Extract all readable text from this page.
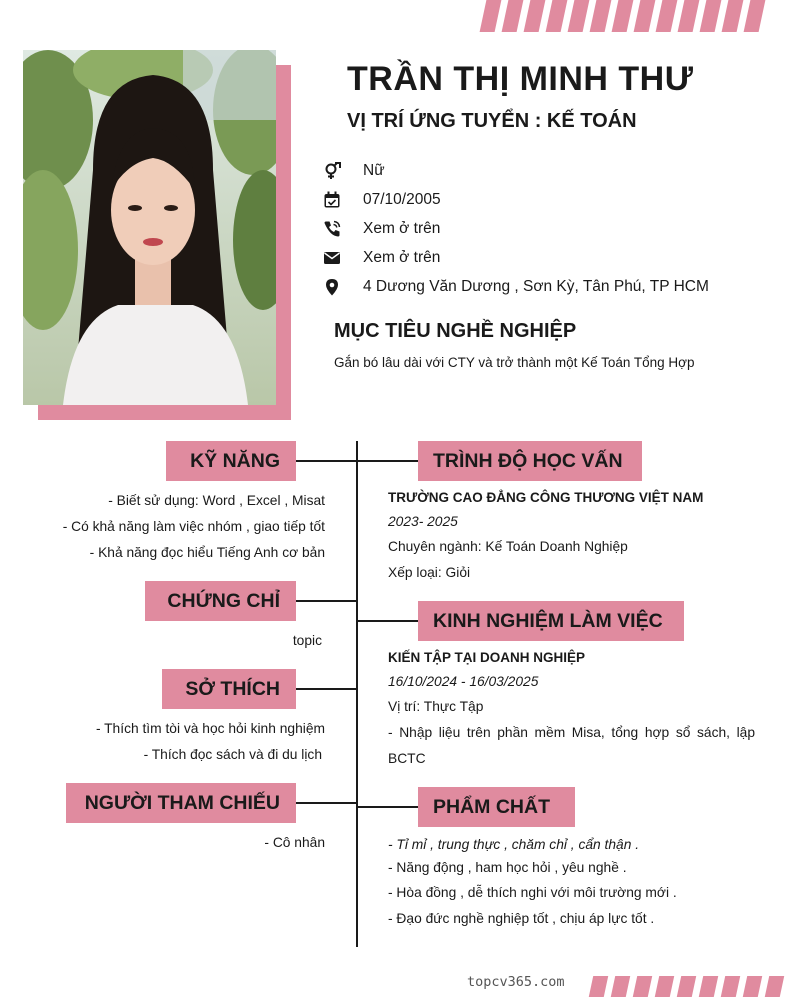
TRẦN THỊ MINH THƯ
VỊ TRÍ ỨNG TUYỂN : KẾ TOÁN
Nữ
07/10/2005
Xem ở trên
Xem ở trên
4 Dương Văn Dương , Sơn Kỳ, Tân Phú, TP HCM
MỤC TIÊU NGHỀ NGHIỆP
Gắn bó lâu dài với CTY và trở thành một Kế Toán Tổng Hợp
KỸ NĂNG
- Biết sử dụng: Word , Excel , Misat
- Có khả năng làm việc nhóm , giao tiếp tốt
- Khả năng đọc hiểu Tiếng Anh cơ bản
CHỨNG CHỈ
topic
SỞ THÍCH
- Thích tìm tòi và học hỏi kinh nghiệm
- Thích đọc sách và đi du lịch
NGƯỜI THAM CHIẾU
- Cô nhân
TRÌNH ĐỘ HỌC VẤN
TRƯỜNG CAO ĐẲNG CÔNG THƯƠNG VIỆT NAM
2023- 2025
Chuyên ngành: Kế Toán Doanh Nghiệp
Xếp loại: Giỏi
KINH NGHIỆM LÀM VIỆC
KIẾN TẬP TẠI DOANH NGHIỆP
16/10/2024 - 16/03/2025
Vị trí: Thực Tập
- Nhập liệu trên phần mềm Misa, tổng hợp sổ sách, lập
BCTC
PHẨM CHẤT
- Tỉ mỉ , trung thực , chăm chỉ , cẩn thận .
- Năng động , ham học hỏi , yêu nghề .
- Hòa đồng , dễ thích nghi với môi trường mới .
- Đạo đức nghề nghiệp tốt , chịu áp lực tốt .
topcv365.com
